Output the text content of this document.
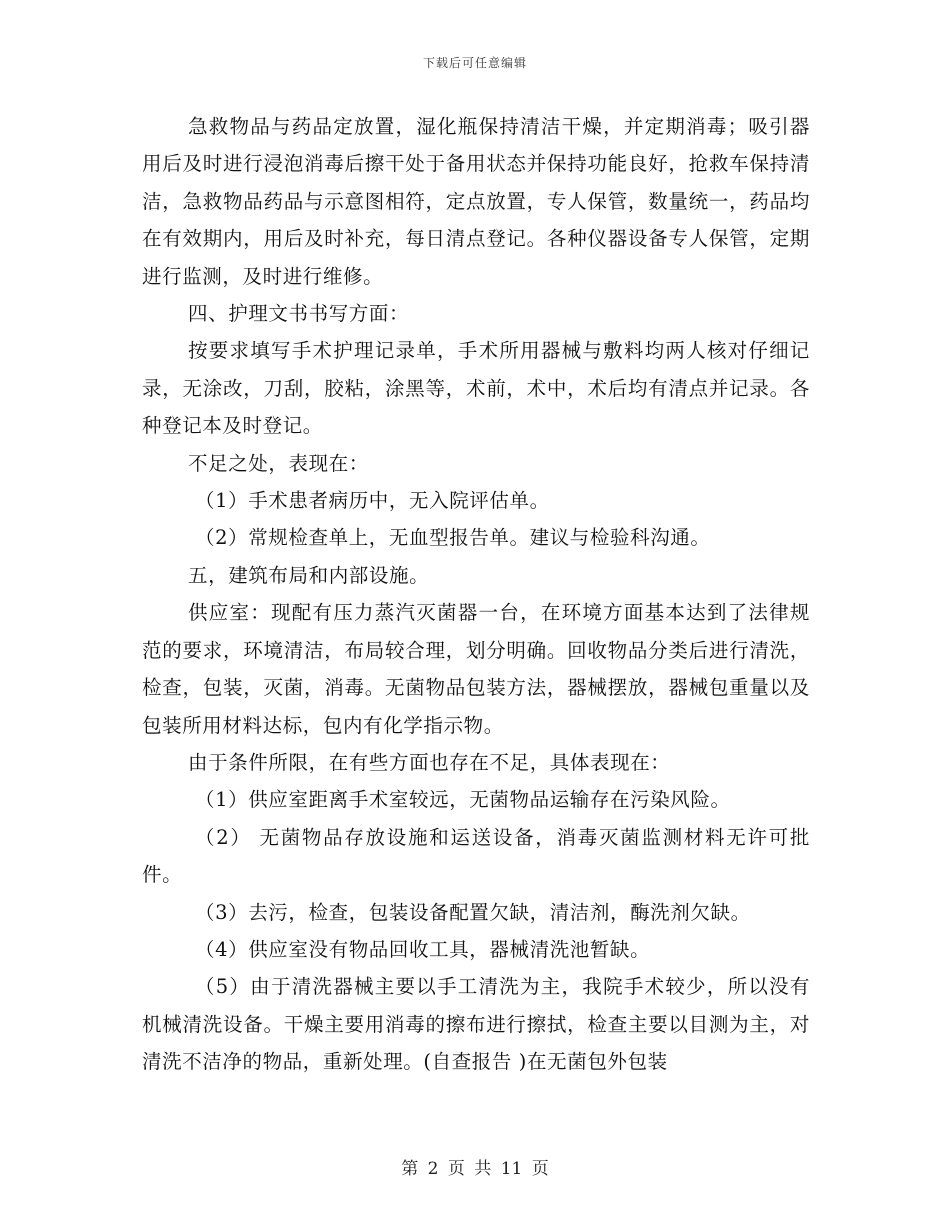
下载后可任意编辑

急救物品与药品定放置，湿化瓶保持清洁干燥，并定期消毒；吸引器用后及时进行浸泡消毒后擦干处于备用状态并保持功能良好，抢救车保持清洁，急救物品药品与示意图相符，定点放置，专人保管，数量统一，药品均在有效期内，用后及时补充，每日清点登记。各种仪器设备专人保管，定期进行监测，及时进行维修。

四、护理文书书写方面：

按要求填写手术护理记录单，手术所用器械与敷料均两人核对仔细记录，无涂改，刀刮，胶粘，涂黑等，术前，术中，术后均有清点并记录。各种登记本及时登记。

不足之处，表现在：

（1）手术患者病历中，无入院评估单。

（2）常规检查单上，无血型报告单。建议与检验科沟通。

五，建筑布局和内部设施。

供应室：现配有压力蒸汽灭菌器一台，在环境方面基本达到了法律规范的要求，环境清洁，布局较合理，划分明确。回收物品分类后进行清洗，检查，包装，灭菌，消毒。无菌物品包装方法，器械摆放，器械包重量以及包装所用材料达标，包内有化学指示物。

由于条件所限，在有些方面也存在不足，具体表现在：

（1）供应室距离手术室较远，无菌物品运输存在污染风险。

（2） 无菌物品存放设施和运送设备，消毒灭菌监测材料无许可批件。

（3）去污，检查，包装设备配置欠缺，清洁剂，酶洗剂欠缺。

（4）供应室没有物品回收工具，器械清洗池暂缺。

（5）由于清洗器械主要以手工清洗为主，我院手术较少，所以没有机械清洗设备。干燥主要用消毒的擦布进行擦拭，检查主要以目测为主，对清洗不洁净的物品，重新处理。(自查报告 )在无菌包外包装

第 2 页 共 11 页
